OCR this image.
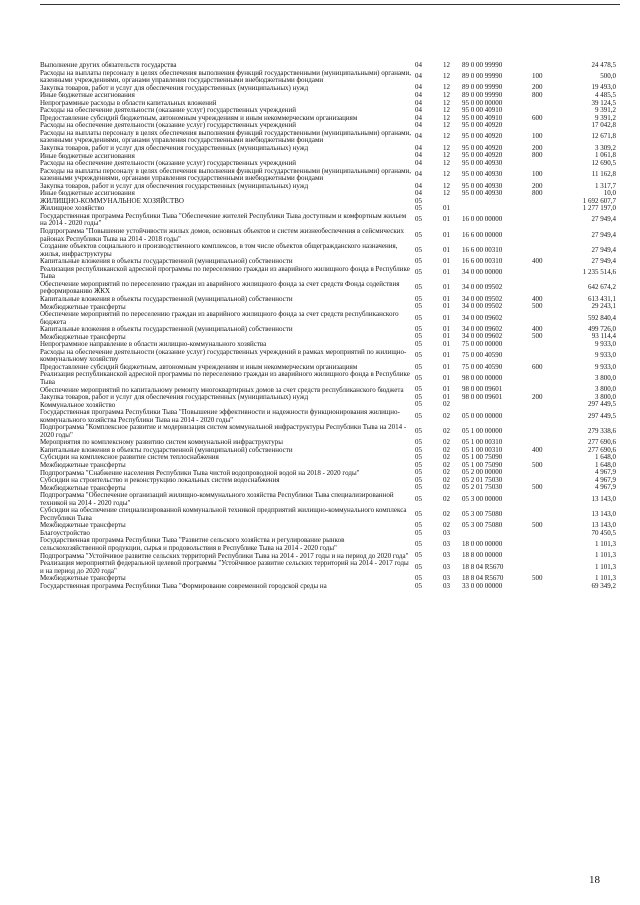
Выполнение других обязательств государства	04	12	89 0 00 99990	24 478,5
Расходы на выплаты персоналу в целях обеспечения выполнения функций государственными (муниципальными) органами, казенными учреждениями, органами управления государственными внебюджетными фондами	04	12	89 0 00 99990	100	500,0
Закупка товаров, работ и услуг для обеспечения государственных (муниципальных) нужд	04	12	89 0 00 99990	200	19 493,0
Иные бюджетные ассигнования	04	12	89 0 00 99990	800	4 485,5
Непрограммные расходы в области капитальных вложений	04	12	95 0 00 00000	39 124,5
Расходы на обеспечение деятельности (оказание услуг) государственных учреждений	04	12	95 0 00 40910	9 391,2
Предоставление субсидий бюджетным, автономным учреждениям и иным некоммерческим организациям	04	12	95 0 00 40910	600	9 391,2
Расходы на обеспечение деятельности (оказание услуг) государственных учреждений	04	12	95 0 00 40920	17 042,8
Расходы на выплаты персоналу в целях обеспечения выполнения функций государственными (муниципальными) органами, казенными учреждениями, органами управления государственными внебюджетными фондами	04	12	95 0 00 40920	100	12 671,8
Закупка товаров, работ и услуг для обеспечения государственных (муниципальных) нужд	04	12	95 0 00 40920	200	3 309,2
Иные бюджетные ассигнования	04	12	95 0 00 40920	800	1 061,8
Расходы на обеспечение деятельности (оказание услуг) государственных учреждений	04	12	95 0 00 40930	12 690,5
Расходы на выплаты персоналу в целях обеспечения выполнения функций государственными (муниципальными) органами, казенными учреждениями, органами управления государственными внебюджетными фондами	04	12	95 0 00 40930	100	11 162,8
Закупка товаров, работ и услуг для обеспечения государственных (муниципальных) нужд	04	12	95 0 00 40930	200	1 317,7
Иные бюджетные ассигнования	04	12	95 0 00 40930	800	10,0
ЖИЛИЩНО-КОММУНАЛЬНОЕ ХОЗЯЙСТВО	05	1 692 607,7
Жилищное хозяйство	05	01	1 277 197,0
Государственная программа Республики Тыва "Обеспечение жителей Республики Тыва доступным и комфортным жильем на 2014 - 2020 годы"	05	01	16 0 00 00000	27 949,4
Подпрограмма "Повышение устойчивости жилых домов, основных объектов и систем жизнеобеспечения в сейсмических районах Республики Тыва на 2014 - 2018 годы"	05	01	16 6 00 00000	27 949,4
Создание объектов социального и производственного комплексов, в том числе объектов общегражданского назначения, жилья, инфраструктуры	05	01	16 6 00 00310	27 949,4
Капитальные вложения в объекты государственной (муниципальной) собственности	05	01	16 6 00 00310	400	27 949,4
Реализация республиканской адресной программы по переселению граждан из аварийного жилищного фонда в Республике Тыва	05	01	34 0 00 00000	1 235 514,6
Обеспечение мероприятий по переселению граждан из аварийного жилищного фонда за счет средств Фонда содействия реформированию ЖКХ	05	01	34 0 00 09502	642 674,2
Капитальные вложения в объекты государственной (муниципальной) собственности	05	01	34 0 00 09502	400	613 431,1
Межбюджетные трансферты	05	01	34 0 00 09502	500	29 243,1
Обеспечение мероприятий по переселению граждан из аварийного жилищного фонда за счет средств республиканского бюджета	05	01	34 0 00 09602	592 840,4
Капитальные вложения в объекты государственной (муниципальной) собственности	05	01	34 0 00 09602	400	499 726,0
Межбюджетные трансферты	05	01	34 0 00 09602	500	93 114,4
Непрограммное направление в области жилищно-коммунального хозяйства	05	01	75 0 00 00000	9 933,0
Расходы на обеспечение деятельности (оказание услуг) государственных учреждений в рамках мероприятий по жилищно-коммунальному хозяйству	05	01	75 0 00 40590	9 933,0
Предоставление субсидий бюджетным, автономным учреждениям и иным некоммерческим организациям	05	01	75 0 00 40590	600	9 933,0
Реализация республиканской адресной программы по переселению граждан из аварийного жилищного фонда в Республике Тыва	05	01	98 0 00 00000	3 800,0
Обеспечение мероприятий по капитальному ремонту многоквартирных домов за счет средств республиканского бюджета	05	01	98 0 00 09601	3 800,0
Закупка товаров, работ и услуг для обеспечения государственных (муниципальных) нужд	05	01	98 0 00 09601	200	3 800,0
Коммунальное хозяйство	05	02	297 449,5
Государственная программа Республики Тыва "Повышение эффективности и надежности функционирования жилищно-коммунального хозяйства Республики Тыва на 2014 - 2020 годы"	05	02	05 0 00 00000	297 449,5
Подпрограмма "Комплексное развитие и модернизация систем коммунальной инфраструктуры Республики Тыва на 2014 - 2020 годы"	05	02	05 1 00 00000	279 338,6
Мероприятия по комплексному развитию систем коммунальной инфраструктуры	05	02	05 1 00 00310	277 690,6
Капитальные вложения в объекты государственной (муниципальной) собственности	05	02	05 1 00 00310	400	277 690,6
Субсидии на комплексное развитие систем теплоснабжения	05	02	05 1 00 75090	1 648,0
Межбюджетные трансферты	05	02	05 1 00 75090	500	1 648,0
Подпрограмма "Снабжение населения Республики Тыва чистой водопроводной водой на 2018 - 2020 годы"	05	02	05 2 00 00000	4 967,9
Субсидии на строительство и реконструкцию локальных систем водоснабжения	05	02	05 2 01 75030	4 967,9
Межбюджетные трансферты	05	02	05 2 01 75030	500	4 967,9
Подпрограмма "Обеспечение организаций жилищно-коммунального хозяйства Республики Тыва специализированной техникой на 2014 - 2020 годы"	05	02	05 3 00 00000	13 143,0
Субсидии на обеспечение специализированной коммунальной техникой предприятий жилищно-коммунального комплекса Республики Тыва	05	02	05 3 00 75080	13 143,0
Межбюджетные трансферты	05	02	05 3 00 75080	500	13 143,0
Благоустройство	05	03	70 450,5
Государственная программа Республики Тыва "Развитие сельского хозяйства и регулирование рынков сельскохозяйственной продукции, сырья и продовольствия в Республике Тыва на 2014 - 2020 годы"	05	03	18 0 00 00000	1 101,3
Подпрограмма "Устойчивое развитие сельских территорий Республики Тыва на 2014 - 2017 годы и на период до 2020 года" 05	03	18 8 00 00000	1 101,3
Реализация мероприятий федеральной целевой программы "Устойчивое развитие сельских территорий на 2014 - 2017 годы и на период до 2020 года"	05	03	18 8 04 R5670	1 101,3
Межбюджетные трансферты	05	03	18 8 04 R5670	500	1 101,3
Государственная программа Республики Тыва "Формирование современной городской среды на	05	03	33 0 00 00000	69 349,2
18
